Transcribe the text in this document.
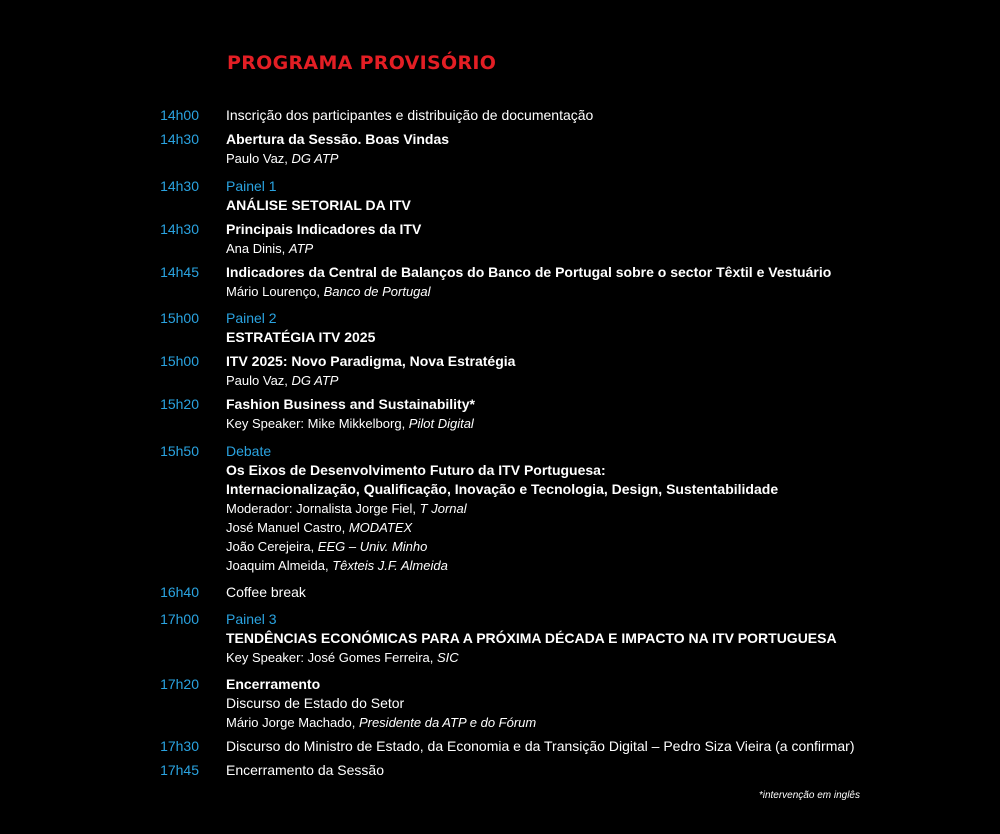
PROGRAMA PROVISÓRIO
14h00 Inscrição dos participantes e distribuição de documentação
14h30 Abertura da Sessão. Boas Vindas
Paulo Vaz, DG ATP
14h30 Painel 1
ANÁLISE SETORIAL DA ITV
14h30 Principais Indicadores da ITV
Ana Dinis, ATP
14h45 Indicadores da Central de Balanços do Banco de Portugal sobre o sector Têxtil e Vestuário
Mário Lourenço, Banco de Portugal
15h00 Painel 2
ESTRATÉGIA ITV 2025
15h00 ITV 2025: Novo Paradigma, Nova Estratégia
Paulo Vaz, DG ATP
15h20 Fashion Business and Sustainability*
Key Speaker: Mike Mikkelborg, Pilot Digital
15h50 Debate
Os Eixos de Desenvolvimento Futuro da ITV Portuguesa:
Internacionalização, Qualificação, Inovação e Tecnologia, Design, Sustentabilidade
Moderador: Jornalista Jorge Fiel, T Jornal
José Manuel Castro, MODATEX
João Cerejeira, EEG – Univ. Minho
Joaquim Almeida, Têxteis J.F. Almeida
16h40 Coffee break
17h00 Painel 3
TENDÊNCIAS ECONÓMICAS PARA A PRÓXIMA DÉCADA E IMPACTO NA ITV PORTUGUESA
Key Speaker: José Gomes Ferreira, SIC
17h20 Encerramento
Discurso de Estado do Setor
Mário Jorge Machado, Presidente da ATP e do Fórum
17h30 Discurso do Ministro de Estado, da Economia e da Transição Digital – Pedro Siza Vieira (a confirmar)
17h45 Encerramento da Sessão
*intervenção em inglês
